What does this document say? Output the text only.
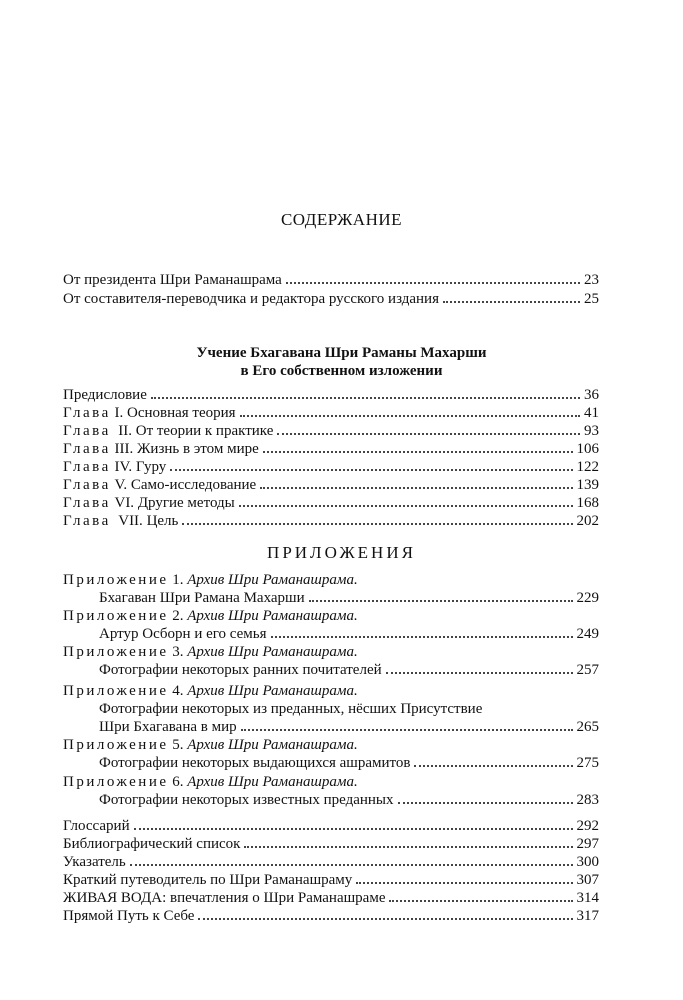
СОДЕРЖАНИЕ
От президента Шри Раманашрама	23
От составителя-переводчика и редактора русского издания	25
Учение Бхагавана Шри Раманы Махарши
в Его собственном изложении
Предисловие	36
Глава I. Основная теория	41
Глава II. От теории к практике	93
Глава III. Жизнь в этом мире	106
Глава IV. Гуру	122
Глава V. Само-исследование	139
Глава VI. Другие методы	168
Глава VII. Цель	202
ПРИЛОЖЕНИЯ
Приложение 1. Архив Шри Раманашрама.
Бхагаван Шри Рамана Махарши	229
Приложение 2. Архив Шри Раманашрама.
Артур Осборн и его семья	249
Приложение 3. Архив Шри Раманашрама.
Фотографии некоторых ранних почитателей	257
Приложение 4. Архив Шри Раманашрама.
Фотографии некоторых из преданных, нёсших Присутствие
Шри Бхагавана в мир	265
Приложение 5. Архив Шри Раманашрама.
Фотографии некоторых выдающихся ашрамитов	275
Приложение 6. Архив Шри Раманашрама.
Фотографии некоторых известных преданных	283
Глоссарий	292
Библиографический список	297
Указатель	300
Краткий путеводитель по Шри Раманашраму	307
ЖИВАЯ ВОДА: впечатления о Шри Раманашраме	314
Прямой Путь к Себе	317
